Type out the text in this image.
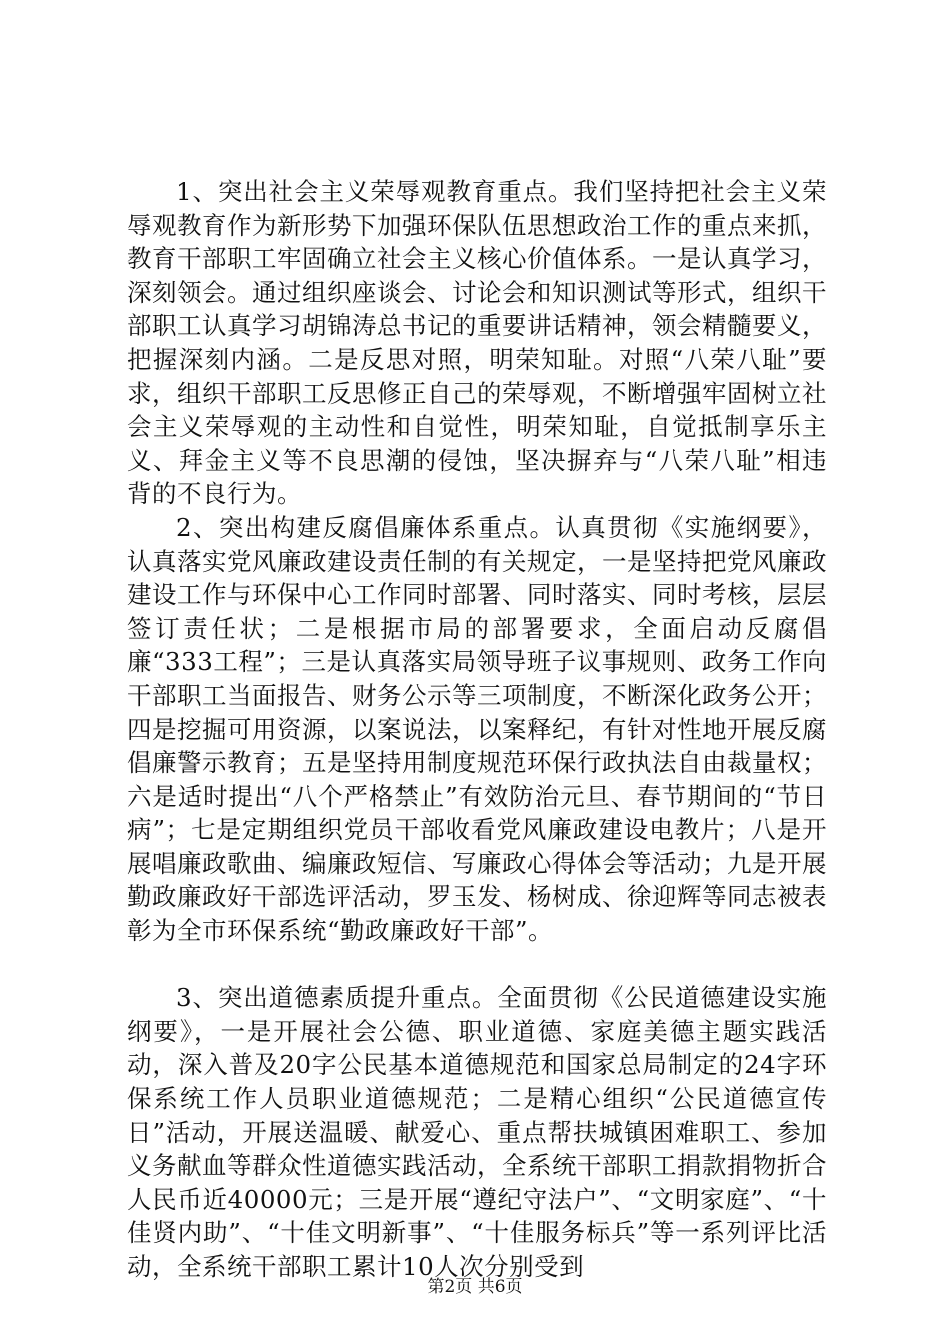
1、突出社会主义荣辱观教育重点。我们坚持把社会主义荣辱观教育作为新形势下加强环保队伍思想政治工作的重点来抓，教育干部职工牢固确立社会主义核心价值体系。一是认真学习，深刻领会。通过组织座谈会、讨论会和知识测试等形式，组织干部职工认真学习胡锦涛总书记的重要讲话精神，领会精髓要义，把握深刻内涵。二是反思对照，明荣知耻。对照“八荣八耻”要求，组织干部职工反思修正自己的荣辱观，不断增强牢固树立社会主义荣辱观的主动性和自觉性，明荣知耻，自觉抵制享乐主义、拜金主义等不良思潮的侵蚀，坚决摒弃与“八荣八耻”相违背的不良行为。

2、突出构建反腐倡廉体系重点。认真贯彻《实施纲要》，认真落实党风廉政建设责任制的有关规定，一是坚持把党风廉政建设工作与环保中心工作同时部署、同时落实、同时考核，层层签订责任状；二是根据市局的部署要求，全面启动反腐倡廉“333工程”；三是认真落实局领导班子议事规则、政务工作向干部职工当面报告、财务公示等三项制度，不断深化政务公开；四是挖掘可用资源，以案说法，以案释纪，有针对性地开展反腐倡廉警示教育；五是坚持用制度规范环保行政执法自由裁量权；六是适时提出“八个严格禁止”有效防治元旦、春节期间的“节日病”；七是定期组织党员干部收看党风廉政建设电教片；八是开展唱廉政歌曲、编廉政短信、写廉政心得体会等活动；九是开展勤政廉政好干部选评活动，罗玉发、杨树成、徐迎辉等同志被表彰为全市环保系统“勤政廉政好干部”。

3、突出道德素质提升重点。全面贯彻《公民道德建设实施纲要》，一是开展社会公德、职业道德、家庭美德主题实践活动，深入普及20字公民基本道德规范和国家总局制定的24字环保系统工作人员职业道德规范；二是精心组织“公民道德宣传日”活动，开展送温暖、献爱心、重点帮扶城镇困难职工、参加义务献血等群众性道德实践活动，全系统干部职工捐款捐物折合人民币近40000元；三是开展“遵纪守法户”、“文明家庭”、“十佳贤内助”、“十佳文明新事”、“十佳服务标兵”等一系列评比活动，全系统干部职工累计10人次分别受到

第2页 共6页
